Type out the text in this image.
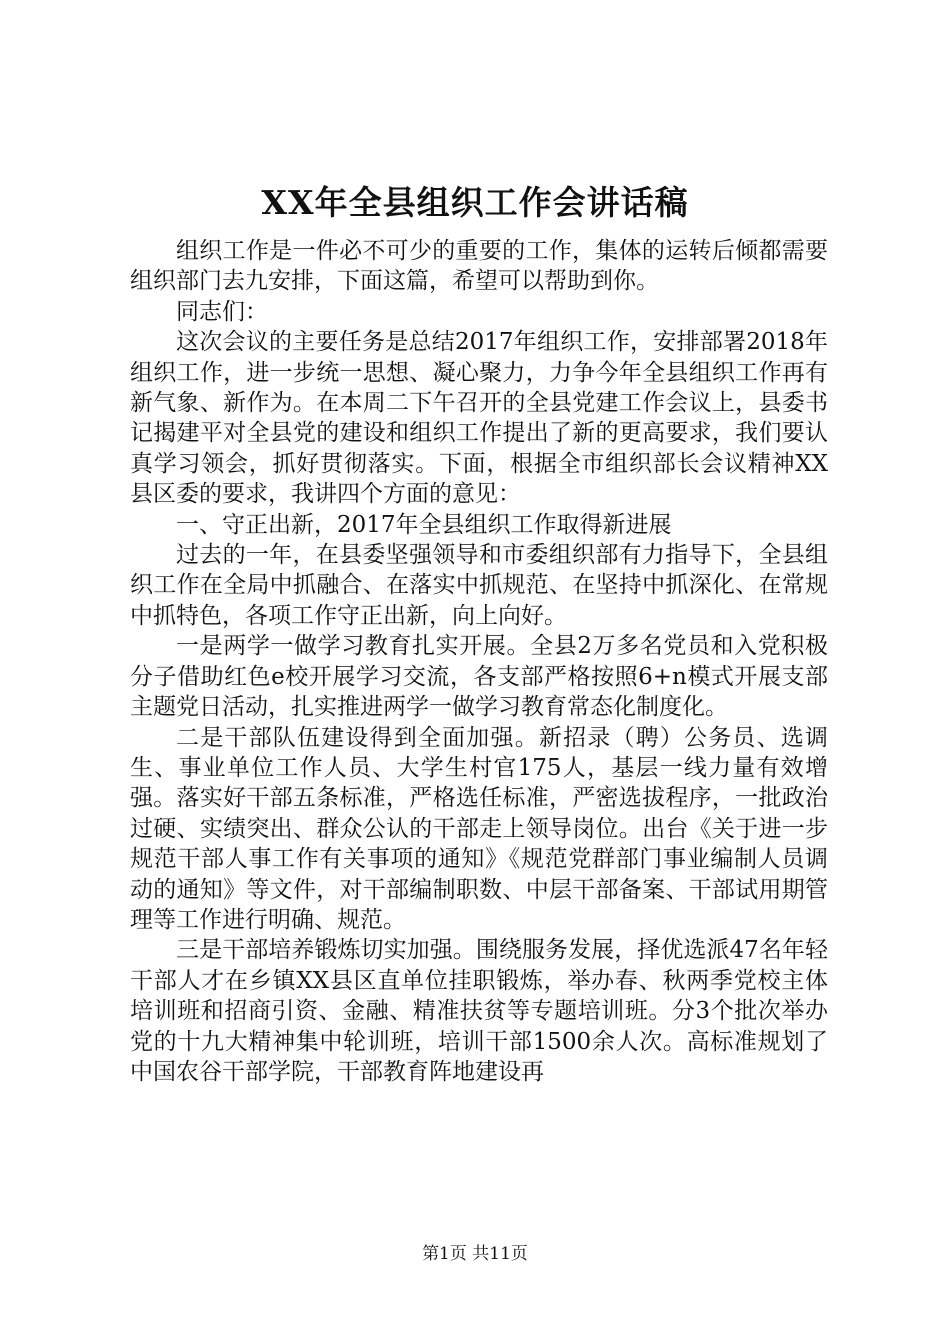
XX年全县组织工作会讲话稿

组织工作是一件必不可少的重要的工作，集体的运转后倾都需要组织部门去九安排，下面这篇，希望可以帮助到你。

同志们：

这次会议的主要任务是总结2017年组织工作，安排部署2018年组织工作，进一步统一思想、凝心聚力，力争今年全县组织工作再有新气象、新作为。在本周二下午召开的全县党建工作会议上，县委书记揭建平对全县党的建设和组织工作提出了新的更高要求，我们要认真学习领会，抓好贯彻落实。下面，根据全市组织部长会议精神XX县区委的要求，我讲四个方面的意见：

一、守正出新，2017年全县组织工作取得新进展

过去的一年，在县委坚强领导和市委组织部有力指导下，全县组织工作在全局中抓融合、在落实中抓规范、在坚持中抓深化、在常规中抓特色，各项工作守正出新，向上向好。

一是两学一做学习教育扎实开展。全县2万多名党员和入党积极分子借助红色e校开展学习交流，各支部严格按照6+n模式开展支部主题党日活动，扎实推进两学一做学习教育常态化制度化。

二是干部队伍建设得到全面加强。新招录（聘）公务员、选调生、事业单位工作人员、大学生村官175人，基层一线力量有效增强。落实好干部五条标准，严格选任标准，严密选拔程序，一批政治过硬、实绩突出、群众公认的干部走上领导岗位。出台《关于进一步规范干部人事工作有关事项的通知》《规范党群部门事业编制人员调动的通知》等文件，对干部编制职数、中层干部备案、干部试用期管理等工作进行明确、规范。

三是干部培养锻炼切实加强。围绕服务发展，择优选派47名年轻干部人才在乡镇XX县区直单位挂职锻炼，举办春、秋两季党校主体培训班和招商引资、金融、精准扶贫等专题培训班。分3个批次举办党的十九大精神集中轮训班，培训干部1500余人次。高标准规划了中国农谷干部学院，干部教育阵地建设再

第1页 共11页
